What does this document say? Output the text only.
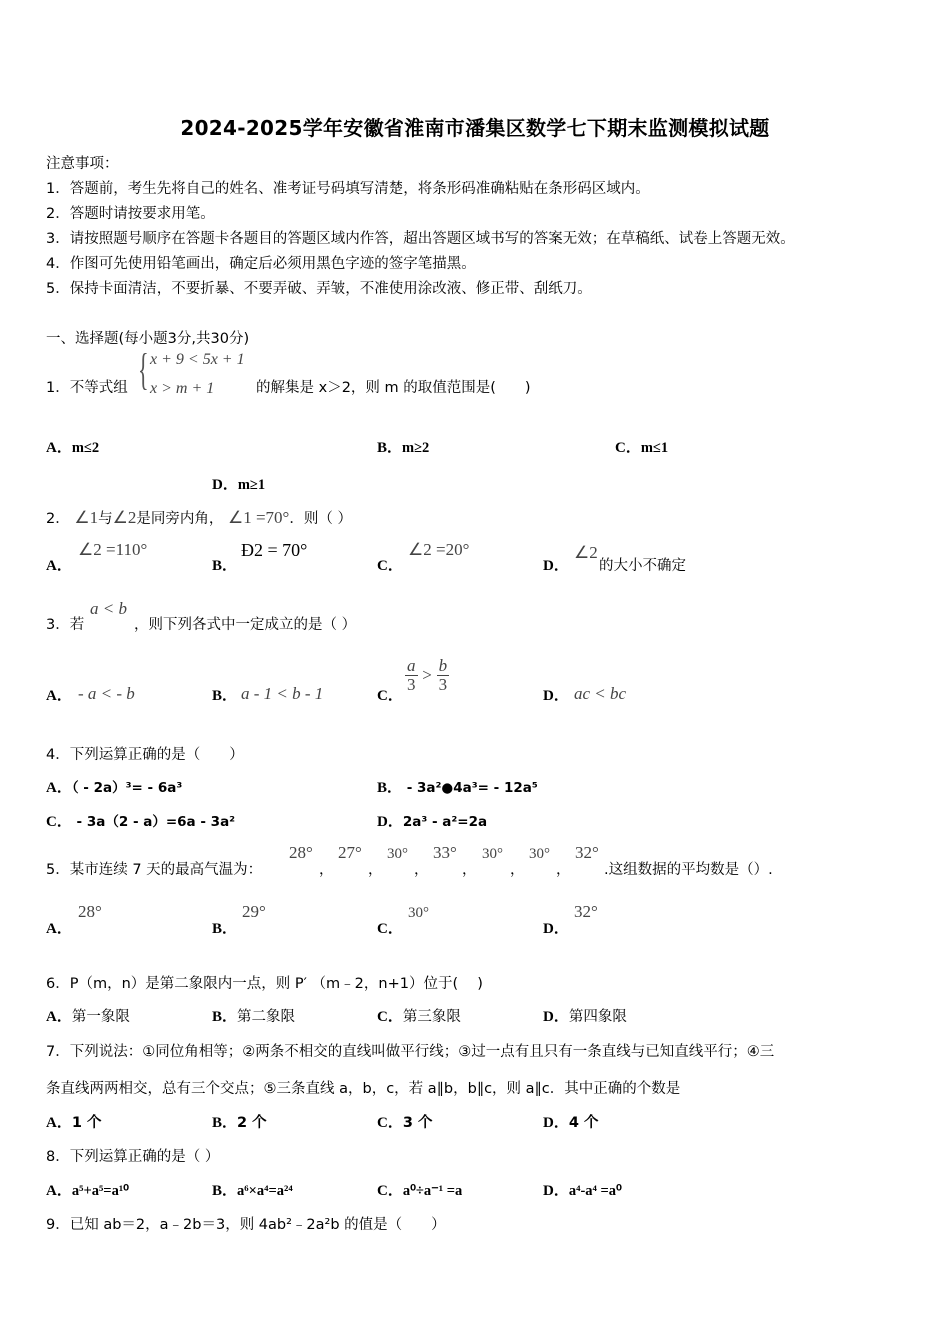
2024-2025学年安徽省淮南市潘集区数学七下期末监测模拟试题
注意事项：
1．答题前，考生先将自己的姓名、准考证号码填写清楚，将条形码准确粘贴在条形码区域内。
2．答题时请按要求用笔。
3．请按照题号顺序在答题卡各题目的答题区域内作答，超出答题区域书写的答案无效；在草稿纸、试卷上答题无效。
4．作图可先使用铅笔画出，确定后必须用黑色字迹的签字笔描黑。
5．保持卡面清洁，不要折暴、不要弄破、弄皱，不准使用涂改液、修正带、刮纸刀。
一、选择题(每小题3分,共30分)
1．不等式组 { x + 9 < 5x + 1
x > m + 1	的解集是 x＞2，则 m 的取值范围是(　　)
A．m≤2	B．m≥2	C．m≤1
D．m≥1
2． ∠1与∠2是同旁内角， ∠1 =70°．则（ ）
A．
∠2 =110°
B．
Ð2 = 70°
C．
∠2 =20°
D．
∠2
的大小不确定
3．若
a < b
，则下列各式中一定成立的是（ ）
A． - a < - b	B． a - 1 < b - 1	C．
$\frac{a}{3} > \frac{b}{3}$
D． ac < bc
4．下列运算正确的是（　　）
A．（ - 2a）³= - 6a³	B． - 3a²●4a³= - 12a⁵
C． - 3a（2 - a）=6a - 3a²	D．2a³ - a²=2a
5．某市连续 7 天的最高气温为：
28°
，
27°
，
30°
，
33°
，
30°
，
30°
，
32°
.这组数据的平均数是（）.
A．
28°
B．
29°
C．
30°
D．
32°
6．P（m，n）是第二象限内一点，则 P′ （m﹣2，n+1）位于(　 )
A．第一象限	B．第二象限	C．第三象限	D．第四象限
7．下列说法：①同位角相等；②两条不相交的直线叫做平行线；③过一点有且只有一条直线与已知直线平行；④三
条直线两两相交，总有三个交点；⑤三条直线 a，b，c，若 a∥b，b∥c，则 a∥c．其中正确的个数是
A．1 个	B．2 个	C．3 个	D．4 个
8．下列运算正确的是（ ）
A．a⁵+a⁵=a¹⁰	B．a⁶×a⁴=a²⁴	C．a⁰÷a⁻¹ =a	D．a⁴-a⁴ =a⁰
9．已知 ab＝2，a﹣2b＝3，则 4ab²﹣2a²b 的值是（　　）
